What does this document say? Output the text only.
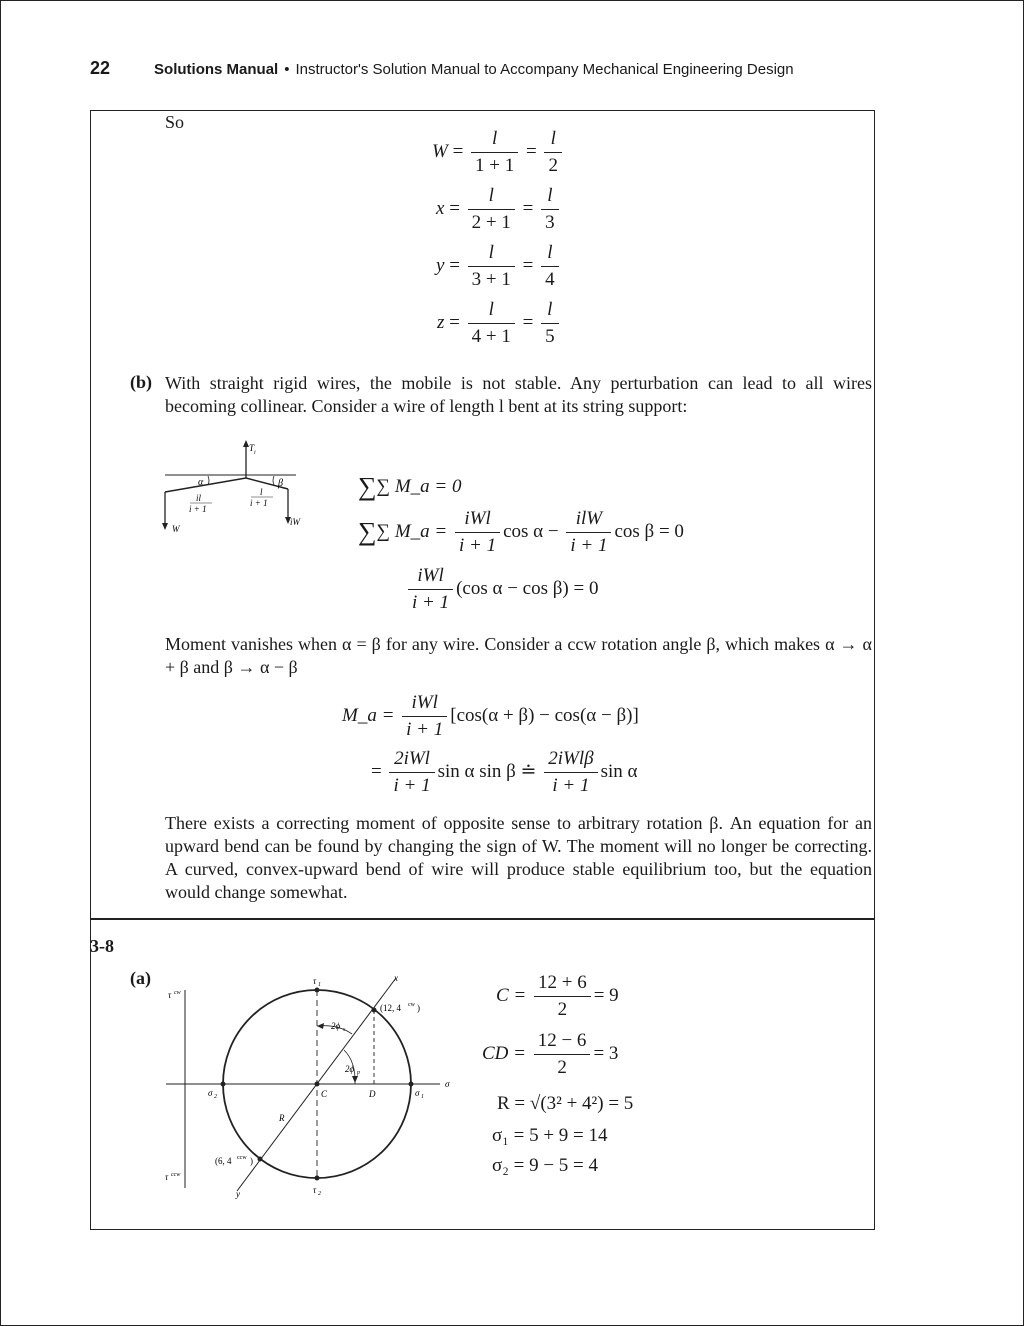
22	Solutions Manual • Instructor's Solution Manual to Accompany Mechanical Engineering Design
So
$W = \frac{l}{1 + 1} = \frac{l}{2}$
$x = \frac{l}{2 + 1} = \frac{l}{3}$
$y = \frac{l}{3 + 1} = \frac{l}{4}$
$z = \frac{l}{4 + 1} = \frac{l}{5}$
(b) With straight rigid wires, the mobile is not stable. Any perturbation can lead to all wires becoming collinear. Consider a wire of length l bent at its string support:
T i
α	β
il
i + 1
l
i + 1
W
iW
∑∑ M_a = 0
∑∑ M_a = $\frac{\text{iWl}}{i + 1}$ $\cos \alpha - \frac{\text{ilW}}{i + 1}$ cos β = 0
$\frac{\text{iWl}}{i + 1} (\cos$ α − cos β) = 0
Moment vanishes when α = β for any wire. Consider a ccw rotation angle β, which makes α → α + β and β → α − β
M_a = $\frac{\text{iWl}}{i + 1} [\cos(\alpha + \beta) - \cos(\alpha - \beta)]$
= $\frac{\text{2iWl}}{i + 1}$ sin α sin β ≐ $\frac{\text{2iWlβ}}{i + 1}$ sin α
There exists a correcting moment of opposite sense to arbitrary rotation β. An equation for an upward bend can be found by changing the sign of W. The moment will no longer be correcting. A curved, convex-upward bend of wire will produce stable equilibrium too, but the equation would change somewhat.
3-8
(a)
τ cw
τ ccw
τ 1
τ 2
σ
σ 1
σ 2
x
y
C	D
R
(12, 4 cw )
(6, 4 ccw )
2ϕ s
2ϕ p
$C = \frac{12 + 6}{2} = 9$
CD = $\frac{12 - 6}{2} = 3$
R = √(3² + 4²) = 5
σ₁ = 5 + 9 = 14
σ₂ = 9 − 5 = 4
